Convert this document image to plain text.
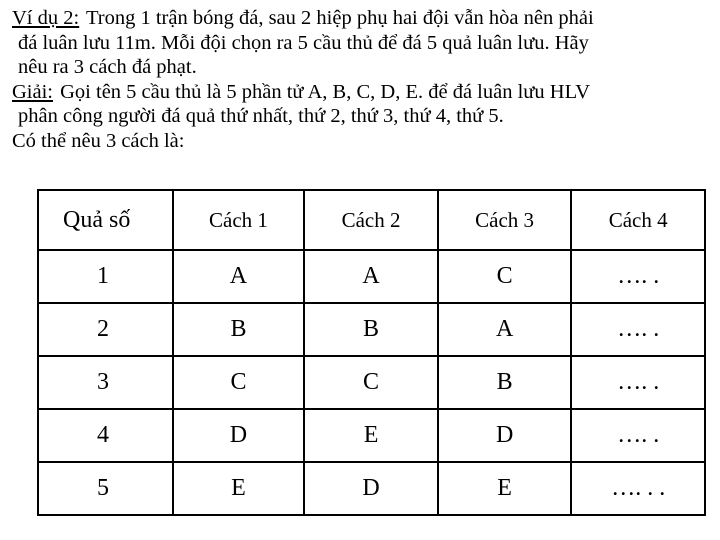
Ví dụ 2: Trong 1 trận bóng đá, sau 2 hiệp phụ hai đội vẫn hòa nên phải
đá luân lưu 11m. Mỗi đội chọn ra 5 cầu thủ để đá 5 quả luân lưu. Hãy
nêu ra 3 cách đá phạt.
Giải: Gọi tên 5 cầu thủ là 5 phần tử A, B, C, D, E. để đá luân lưu HLV
phân công người đá quả thứ nhất, thứ 2, thứ 3, thứ 4, thứ 5.
Có thể nêu 3 cách là:
Quả số	Cách 1	Cách 2	Cách 3	Cách 4
1	A	A	C	…. .
2	B	B	A	…. .
3	C	C	B	…. .
4	D	E	D	…. .
5	E	D	E	…. . .
